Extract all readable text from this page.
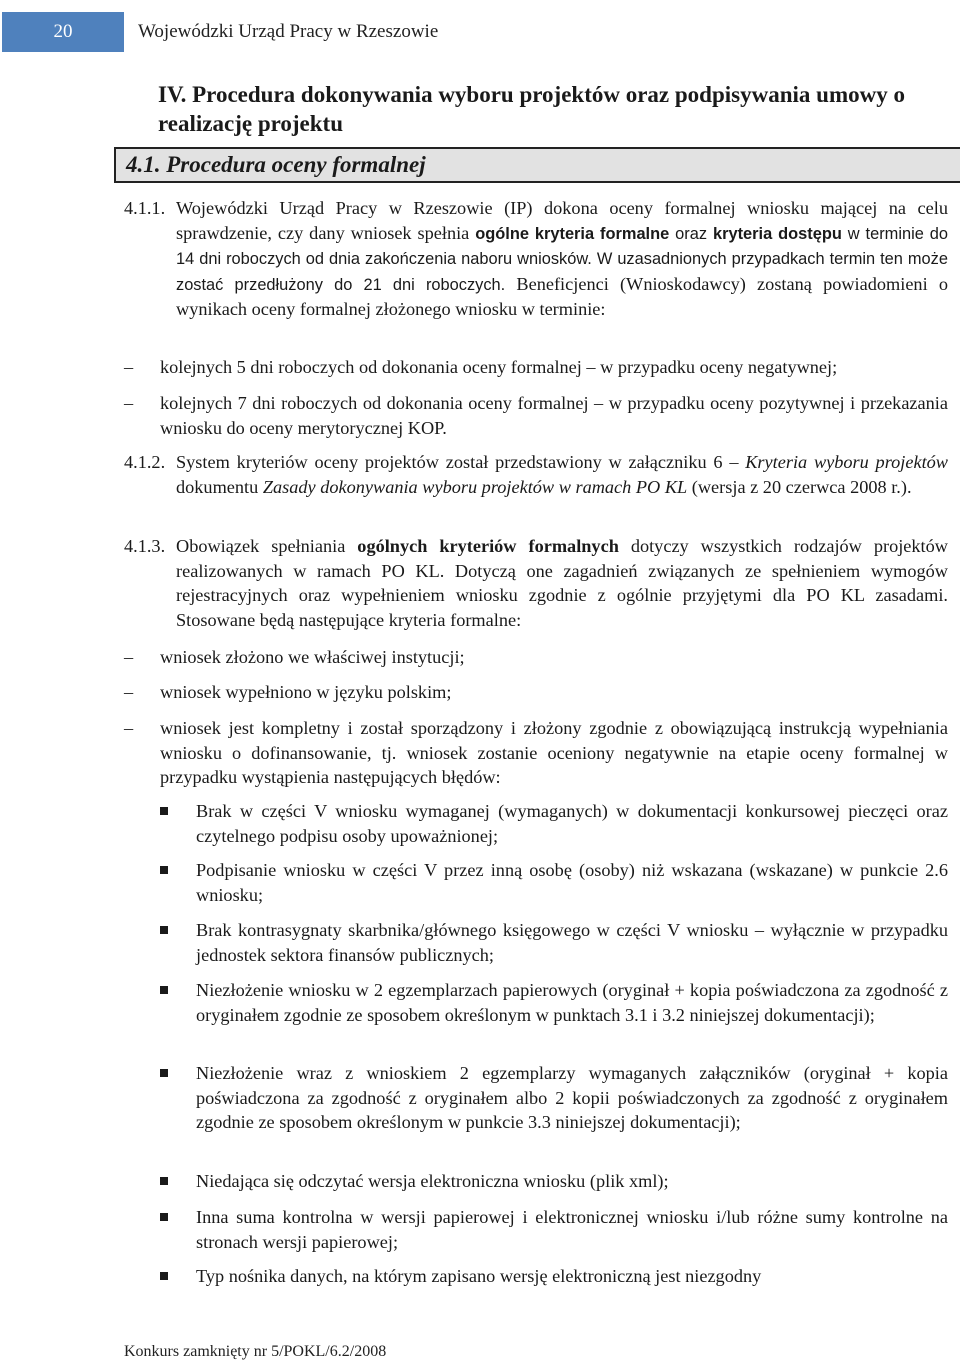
20	Wojewódzki Urząd Pracy w Rzeszowie
IV. Procedura dokonywania wyboru projektów oraz podpisywania umowy o realizację projektu
4.1. Procedura oceny formalnej
4.1.1. Wojewódzki Urząd Pracy w Rzeszowie (IP) dokona oceny formalnej wniosku mającej na celu sprawdzenie, czy dany wniosek spełnia ogólne kryteria formalne oraz kryteria dostępu w terminie do 14 dni roboczych od dnia zakończenia naboru wniosków. W uzasadnionych przypadkach termin ten może zostać przedłużony do 21 dni roboczych. Beneficjenci (Wnioskodawcy) zostaną powiadomieni o wynikach oceny formalnej złożonego wniosku w terminie:
–	kolejnych 5 dni roboczych od dokonania oceny formalnej – w przypadku oceny negatywnej;
–	kolejnych 7 dni roboczych od dokonania oceny formalnej – w przypadku oceny pozytywnej i przekazania wniosku do oceny merytorycznej KOP.
4.1.2. System kryteriów oceny projektów został przedstawiony w załączniku 6 – Kryteria wyboru projektów dokumentu Zasady dokonywania wyboru projektów w ramach PO KL (wersja z 20 czerwca 2008 r.).
4.1.3. Obowiązek spełniania ogólnych kryteriów formalnych dotyczy wszystkich rodzajów projektów realizowanych w ramach PO KL. Dotyczą one zagadnień związanych ze spełnieniem wymogów rejestracyjnych oraz wypełnieniem wniosku zgodnie z ogólnie przyjętymi dla PO KL zasadami. Stosowane będą następujące kryteria formalne:
–	wniosek złożono we właściwej instytucji;
–	wniosek wypełniono w języku polskim;
–	wniosek jest kompletny i został sporządzony i złożony zgodnie z obowiązującą instrukcją wypełniania wniosku o dofinansowanie, tj. wniosek zostanie oceniony negatywnie na etapie oceny formalnej w przypadku wystąpienia następujących błędów:
Brak w części V wniosku wymaganej (wymaganych) w dokumentacji konkursowej pieczęci oraz czytelnego podpisu osoby upoważnionej;
Podpisanie wniosku w części V przez inną osobę (osoby) niż wskazana (wskazane) w punkcie 2.6 wniosku;
Brak kontrasygnaty skarbnika/głównego księgowego w części V wniosku – wyłącznie w przypadku jednostek sektora finansów publicznych;
Niezłożenie wniosku w 2 egzemplarzach papierowych (oryginał + kopia poświadczona za zgodność z oryginałem zgodnie ze sposobem określonym w punktach 3.1 i 3.2 niniejszej dokumentacji);
Niezłożenie wraz z wnioskiem 2 egzemplarzy wymaganych załączników (oryginał + kopia poświadczona za zgodność z oryginałem albo 2 kopii poświadczonych za zgodność z oryginałem zgodnie ze sposobem określonym w punkcie 3.3 niniejszej dokumentacji);
Niedająca się odczytać wersja elektroniczna wniosku (plik xml);
Inna suma kontrolna w wersji papierowej i elektronicznej wniosku i/lub różne sumy kontrolne na stronach wersji papierowej;
Typ nośnika danych, na którym zapisano wersję elektroniczną jest niezgodny
Konkurs zamknięty nr 5/POKL/6.2/2008
